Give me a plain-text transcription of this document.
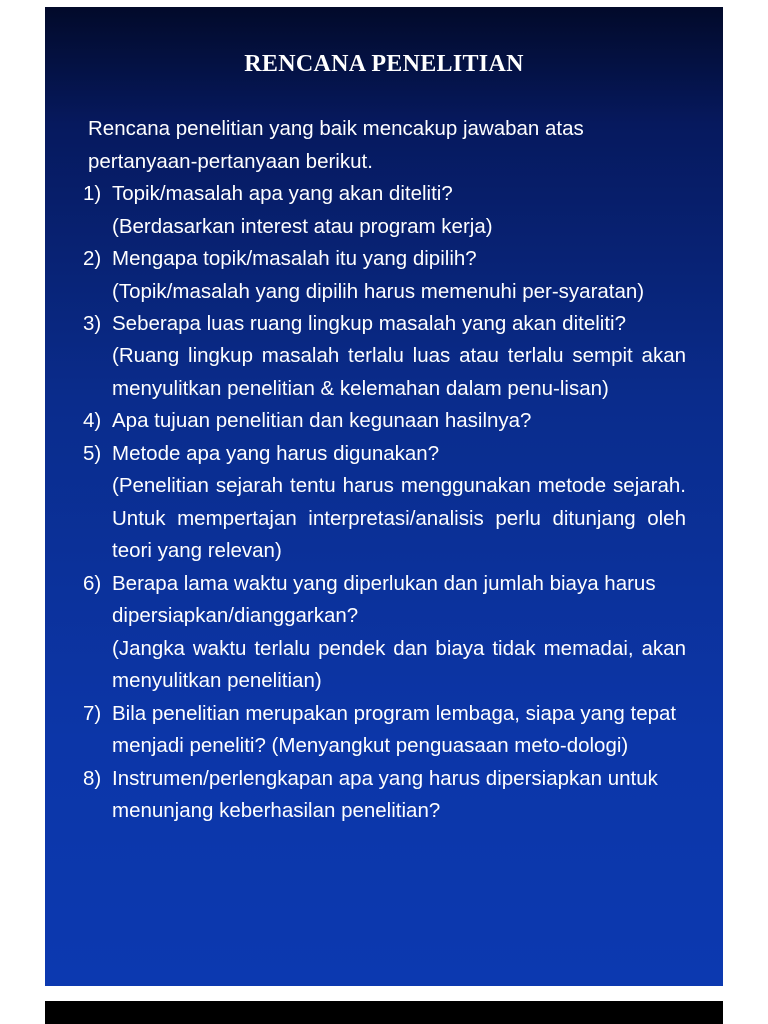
RENCANA PENELITIAN
Rencana penelitian yang baik mencakup jawaban atas pertanyaan-pertanyaan berikut.
1) Topik/masalah apa yang akan diteliti?
(Berdasarkan interest atau program kerja)
2) Mengapa topik/masalah itu yang dipilih?
(Topik/masalah yang dipilih harus memenuhi per-syaratan)
3) Seberapa luas ruang lingkup masalah yang akan diteliti?
(Ruang lingkup masalah terlalu luas atau terlalu sempit akan menyulitkan penelitian & kelemahan dalam penu-lisan)
4) Apa tujuan penelitian dan kegunaan hasilnya?
5) Metode apa yang harus digunakan?
(Penelitian sejarah tentu harus menggunakan metode sejarah. Untuk mempertajan interpretasi/analisis perlu ditunjang oleh teori yang relevan)
6) Berapa lama waktu yang diperlukan dan jumlah biaya harus dipersiapkan/dianggarkan?
(Jangka waktu terlalu pendek dan biaya tidak memadai, akan menyulitkan penelitian)
7) Bila penelitian merupakan program lembaga, siapa yang tepat menjadi peneliti? (Menyangkut penguasaan meto-dologi)
8) Instrumen/perlengkapan apa yang harus dipersiapkan untuk menunjang keberhasilan penelitian?
